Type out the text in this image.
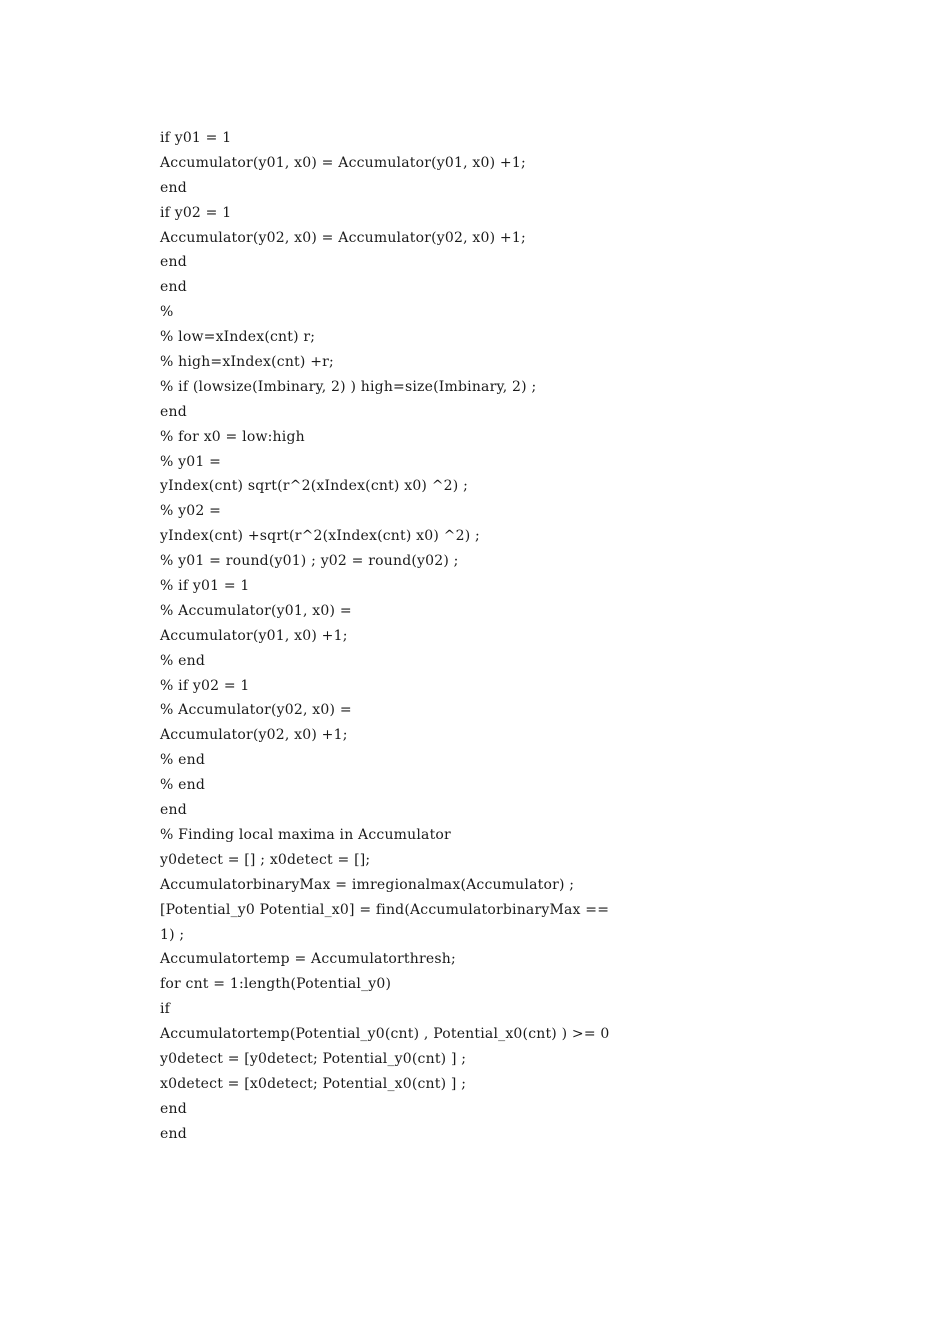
if y01 = 1
Accumulator(y01, x0) = Accumulator(y01, x0) +1;
end
if y02 = 1
Accumulator(y02, x0) = Accumulator(y02, x0) +1;
end
end
%
% low=xIndex(cnt) r;
% high=xIndex(cnt) +r;
% if (lowsize(Imbinary, 2) ) high=size(Imbinary, 2) ;
end
% for x0 = low:high
% y01 =
yIndex(cnt) sqrt(r^2(xIndex(cnt) x0) ^2) ;
% y02 =
yIndex(cnt) +sqrt(r^2(xIndex(cnt) x0) ^2) ;
% y01 = round(y01) ; y02 = round(y02) ;
% if y01 = 1
% Accumulator(y01, x0) =
Accumulator(y01, x0) +1;
% end
% if y02 = 1
% Accumulator(y02, x0) =
Accumulator(y02, x0) +1;
% end
% end
end
% Finding local maxima in Accumulator
y0detect = [] ; x0detect = [];
AccumulatorbinaryMax = imregionalmax(Accumulator) ;
[Potential_y0 Potential_x0] = find(AccumulatorbinaryMax ==
1) ;
Accumulatortemp = Accumulatorthresh;
for cnt = 1:length(Potential_y0)
if
Accumulatortemp(Potential_y0(cnt) , Potential_x0(cnt) ) >= 0
y0detect = [y0detect; Potential_y0(cnt) ] ;
x0detect = [x0detect; Potential_x0(cnt) ] ;
end
end
